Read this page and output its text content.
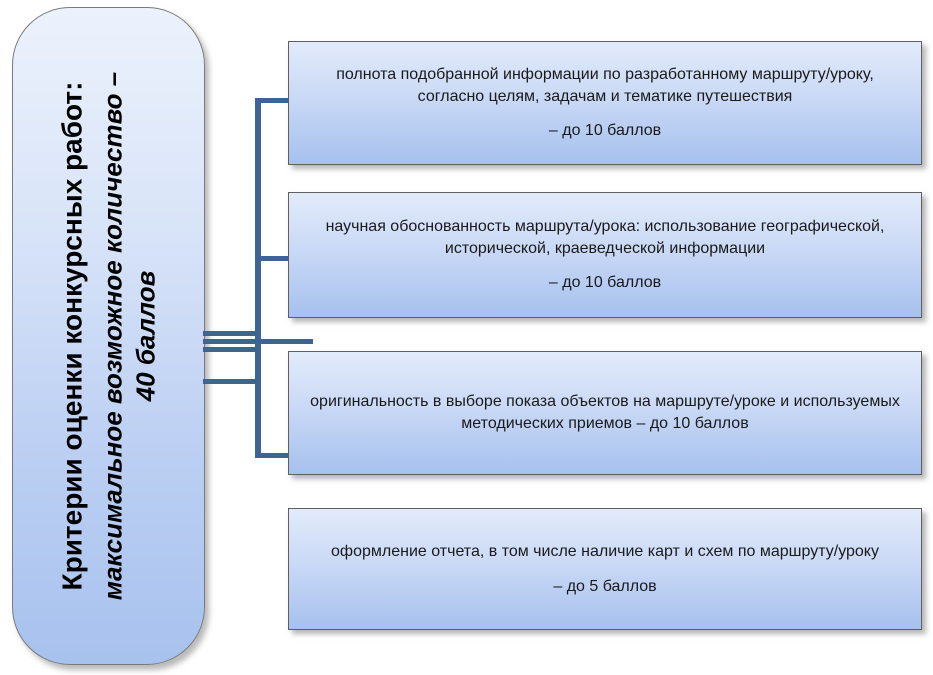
Критерии оценки конкурсных работ: максимальное возможное количество –
40 баллов

полнота подобранной информации по разработанному маршруту/уроку, согласно целям, задачам и тематике путешествия

– до 10 баллов

научная обоснованность маршрута/урока: использование географической, исторической, краеведческой информации

– до 10 баллов

оригинальность в выборе показа объектов на маршруте/уроке и используемых методических приемов – до 10 баллов

оформление отчета, в том числе наличие карт и схем по маршруту/уроку

– до 5 баллов
